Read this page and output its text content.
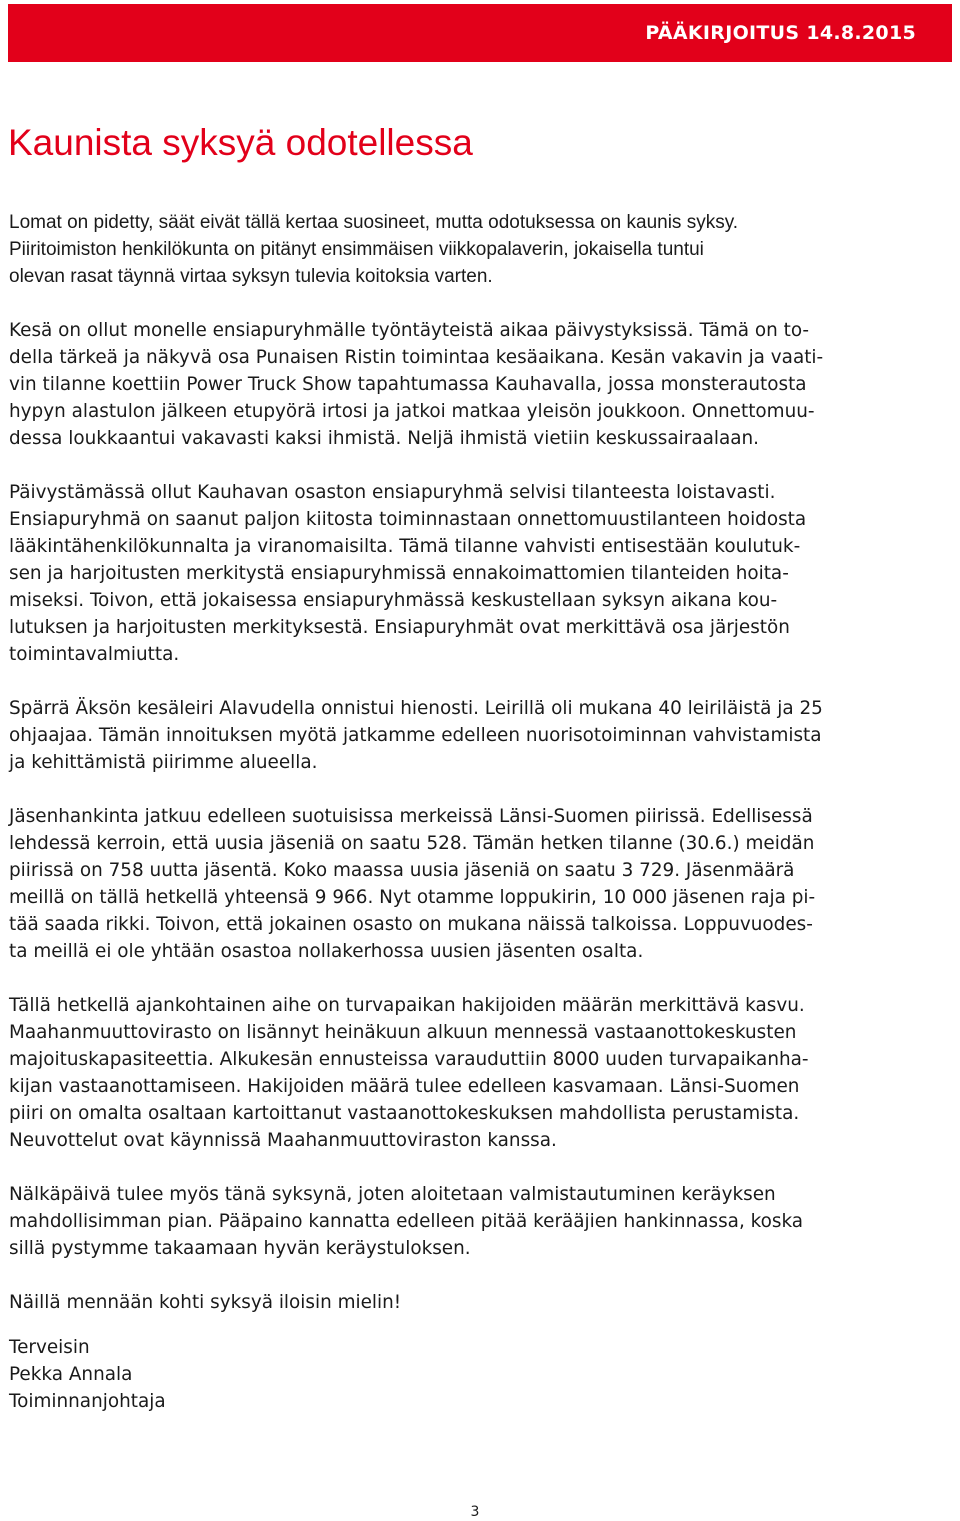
PÄÄKIRJOITUS 14.8.2015
Kaunista syksyä odotellessa

Lomat on pidetty, säät eivät tällä kertaa suosineet, mutta odotuksessa on kaunis syksy.
Piiritoimiston henkilökunta on pitänyt ensimmäisen viikkopalaverin, jokaisella tuntui
olevan rasat täynnä virtaa syksyn tulevia koitoksia varten.

Kesä on ollut monelle ensiapuryhmälle työntäyteistä aikaa päivystyksissä. Tämä on to-
della tärkeä ja näkyvä osa Punaisen Ristin toimintaa kesäaikana. Kesän vakavin ja vaati-
vin tilanne koettiin Power Truck Show tapahtumassa Kauhavalla, jossa monsterautosta
hypyn alastulon jälkeen etupyörä irtosi ja jatkoi matkaa yleisön joukkoon. Onnettomuu-
dessa loukkaantui vakavasti kaksi ihmistä. Neljä ihmistä vietiin keskussairaalaan.

Päivystämässä ollut Kauhavan osaston ensiapuryhmä selvisi tilanteesta loistavasti.
Ensiapuryhmä on saanut paljon kiitosta toiminnastaan onnettomuustilanteen hoidosta
lääkintähenkilökunnalta ja viranomaisilta. Tämä tilanne vahvisti entisestään koulutuk-
sen ja harjoitusten merkitystä ensiapuryhmissä ennakoimattomien tilanteiden hoita-
miseksi. Toivon, että jokaisessa ensiapuryhmässä keskustellaan syksyn aikana kou-
lutuksen ja harjoitusten merkityksestä. Ensiapuryhmät ovat merkittävä osa järjestön
toimintavalmiutta.

Spärrä Äksön kesäleiri Alavudella onnistui hienosti. Leirillä oli mukana 40 leiriläistä ja 25
ohjaajaa. Tämän innoituksen myötä jatkamme edelleen nuorisotoiminnan vahvistamista
ja kehittämistä piirimme alueella.

Jäsenhankinta jatkuu edelleen suotuisissa merkeissä Länsi-Suomen piirissä. Edellisessä
lehdessä kerroin, että uusia jäseniä on saatu 528. Tämän hetken tilanne (30.6.) meidän
piirissä on 758 uutta jäsentä. Koko maassa uusia jäseniä on saatu 3 729. Jäsenmäärä
meillä on tällä hetkellä yhteensä 9 966. Nyt otamme loppukirin, 10 000 jäsenen raja pi-
tää saada rikki. Toivon, että jokainen osasto on mukana näissä talkoissa. Loppuvuodes-
ta meillä ei ole yhtään osastoa nollakerhossa uusien jäsenten osalta.

Tällä hetkellä ajankohtainen aihe on turvapaikan hakijoiden määrän merkittävä kasvu.
Maahanmuuttovirasto on lisännyt heinäkuun alkuun mennessä vastaanottokeskusten
majoituskapasiteettia. Alkukesän ennusteissa varauduttiin 8000 uuden turvapaikanha-
kijan vastaanottamiseen. Hakijoiden määrä tulee edelleen kasvamaan. Länsi-Suomen
piiri on omalta osaltaan kartoittanut vastaanottokeskuksen mahdollista perustamista.
Neuvottelut ovat käynnissä Maahanmuuttoviraston kanssa.

Nälkäpäivä tulee myös tänä syksynä, joten aloitetaan valmistautuminen keräyksen
mahdollisimman pian. Pääpaino kannatta edelleen pitää kerääjien hankinnassa, koska
sillä pystymme takaamaan hyvän keräystuloksen.

Näillä mennään kohti syksyä iloisin mielin!

Terveisin
Pekka Annala
Toiminnanjohtaja
3
